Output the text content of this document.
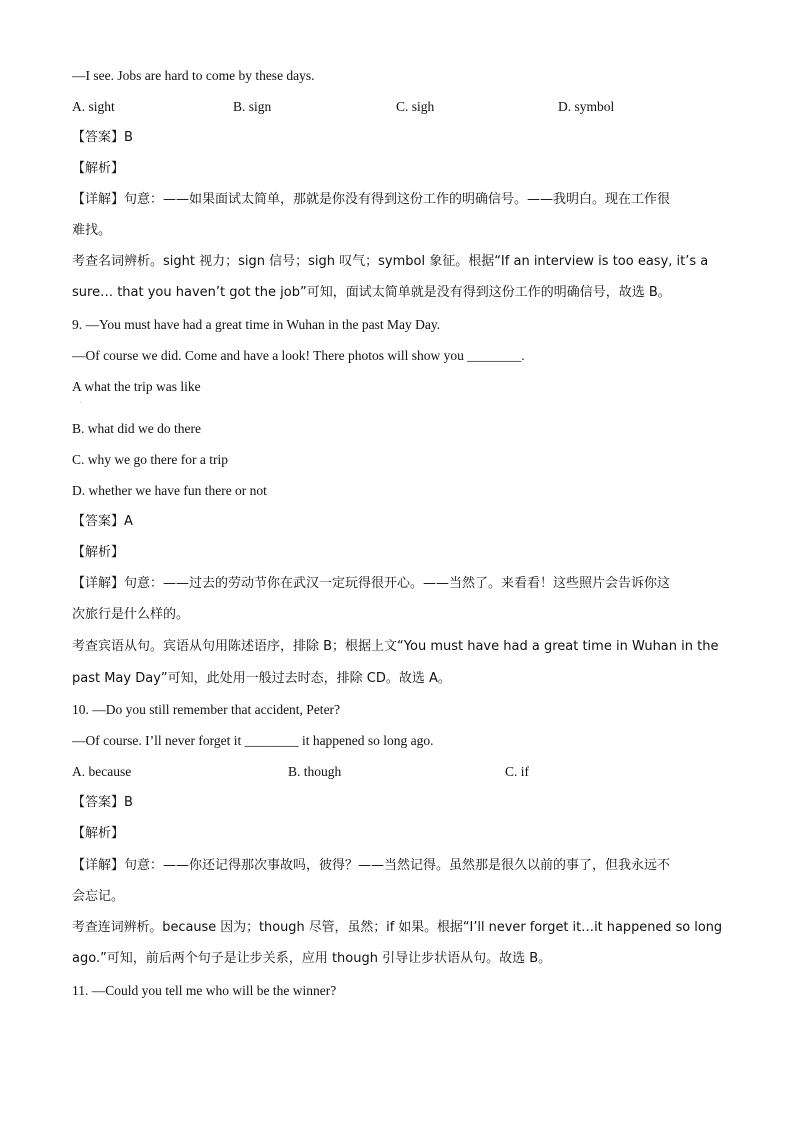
—I see. Jobs are hard to come by these days.
A. sight	B. sign	C. sigh	D. symbol
【答案】B
【解析】
【详解】句意：——如果面试太简单，那就是你没有得到这份工作的明确信号。——我明白。现在工作很
难找。
考查名词辨析。sight 视力；sign 信号；sigh 叹气；symbol 象征。根据“If an interview is too easy, it’s a
sure… that you haven’t got the job”可知，面试太简单就是没有得到这份工作的明确信号，故选 B。
9. —You must have had a great time in Wuhan in the past May Day.
—Of course we did. Come and have a look! There photos will show you ________.
A what the trip was like
·
B. what did we do there
C. why we go there for a trip
D. whether we have fun there or not
【答案】A
【解析】
【详解】句意：——过去的劳动节你在武汉一定玩得很开心。——当然了。来看看！这些照片会告诉你这
次旅行是什么样的。
考查宾语从句。宾语从句用陈述语序，排除 B；根据上文“You must have had a great time in Wuhan in the
past May Day”可知，此处用一般过去时态，排除 CD。故选 A。
10. —Do you still remember that accident, Peter?
—Of course. I’ll never forget it ________ it happened so long ago.
A. because	B. though	C. if
【答案】B
【解析】
【详解】句意：——你还记得那次事故吗，彼得？——当然记得。虽然那是很久以前的事了，但我永远不
会忘记。
考查连词辨析。because 因为；though 尽管，虽然；if 如果。根据“I’ll never forget it…it happened so long
ago.”可知，前后两个句子是让步关系，应用 though 引导让步状语从句。故选 B。
11. —Could you tell me who will be the winner?
